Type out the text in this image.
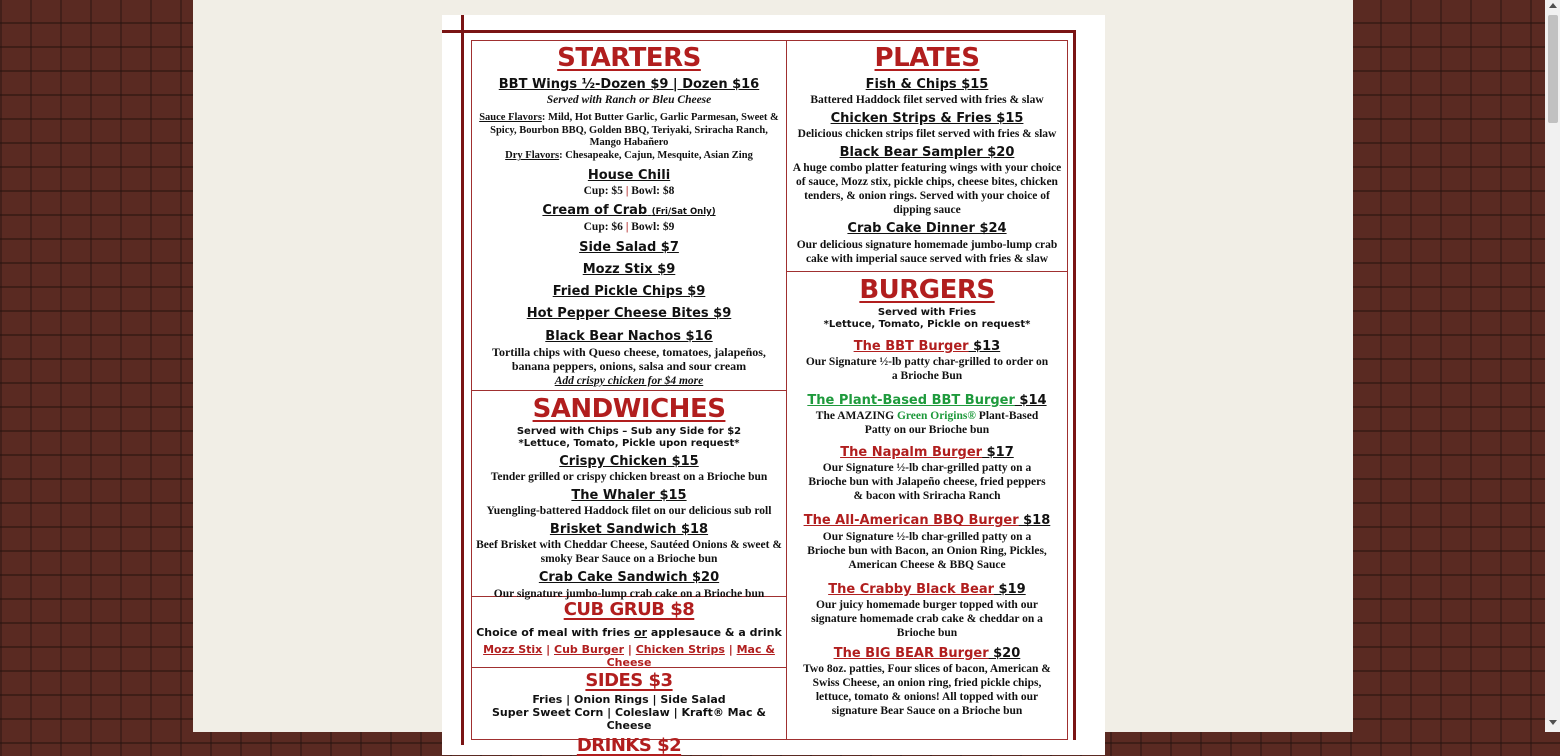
STARTERS
BBT Wings ½-Dozen $9 | Dozen $16
Served with Ranch or Bleu Cheese
Sauce Flavors: Mild, Hot Butter Garlic, Garlic Parmesan, Sweet & Spicy, Bourbon BBQ, Golden BBQ, Teriyaki, Sriracha Ranch, Mango Habañero
Dry Flavors: Chesapeake, Cajun, Mesquite, Asian Zing
House Chili
Cup: $5 | Bowl: $8
Cream of Crab (Fri/Sat Only)
Cup: $6 | Bowl: $9
Side Salad $7
Mozz Stix $9
Fried Pickle Chips $9
Hot Pepper Cheese Bites $9
Black Bear Nachos $16
Tortilla chips with Queso cheese, tomatoes, jalapeños, banana peppers, onions, salsa and sour cream
Add crispy chicken for $4 more
SANDWICHES
Served with Chips – Sub any Side for $2
*Lettuce, Tomato, Pickle upon request*
Crispy Chicken $15
Tender grilled or crispy chicken breast on a Brioche bun
The Whaler $15
Yuengling-battered Haddock filet on our delicious sub roll
Brisket Sandwich $18
Beef Brisket with Cheddar Cheese, Sautéed Onions & sweet & smoky Bear Sauce on a Brioche bun
Crab Cake Sandwich $20
Our signature jumbo-lump crab cake on a Brioche bun
CUB GRUB $8
Choice of meal with fries or applesauce & a drink
Mozz Stix | Cub Burger | Chicken Strips | Mac & Cheese
SIDES $3
Fries | Onion Rings | Side Salad
Super Sweet Corn | Coleslaw | Kraft® Mac & Cheese
DRINKS $2
PLATES
Fish & Chips $15
Battered Haddock filet served with fries & slaw
Chicken Strips & Fries $15
Delicious chicken strips filet served with fries & slaw
Black Bear Sampler $20
A huge combo platter featuring wings with your choice of sauce, Mozz stix, pickle chips, cheese bites, chicken tenders, & onion rings. Served with your choice of dipping sauce
Crab Cake Dinner $24
Our delicious signature homemade jumbo-lump crab cake with imperial sauce served with fries & slaw
BURGERS
Served with Fries
*Lettuce, Tomato, Pickle on request*
The BBT Burger $13
Our Signature ½-lb patty char-grilled to order on a Brioche Bun
The Plant-Based BBT Burger $14
The AMAZING Green Origins® Plant-Based Patty on our Brioche bun
The Napalm Burger $17
Our Signature ½-lb char-grilled patty on a Brioche bun with Jalapeño cheese, fried peppers & bacon with Sriracha Ranch
The All-American BBQ Burger $18
Our Signature ½-lb char-grilled patty on a Brioche bun with Bacon, an Onion Ring, Pickles, American Cheese & BBQ Sauce
The Crabby Black Bear $19
Our juicy homemade burger topped with our signature homemade crab cake & cheddar on a Brioche bun
The BIG BEAR Burger $20
Two 8oz. patties, Four slices of bacon, American & Swiss Cheese, an onion ring, fried pickle chips, lettuce, tomato & onions! All topped with our signature Bear Sauce on a Brioche bun
